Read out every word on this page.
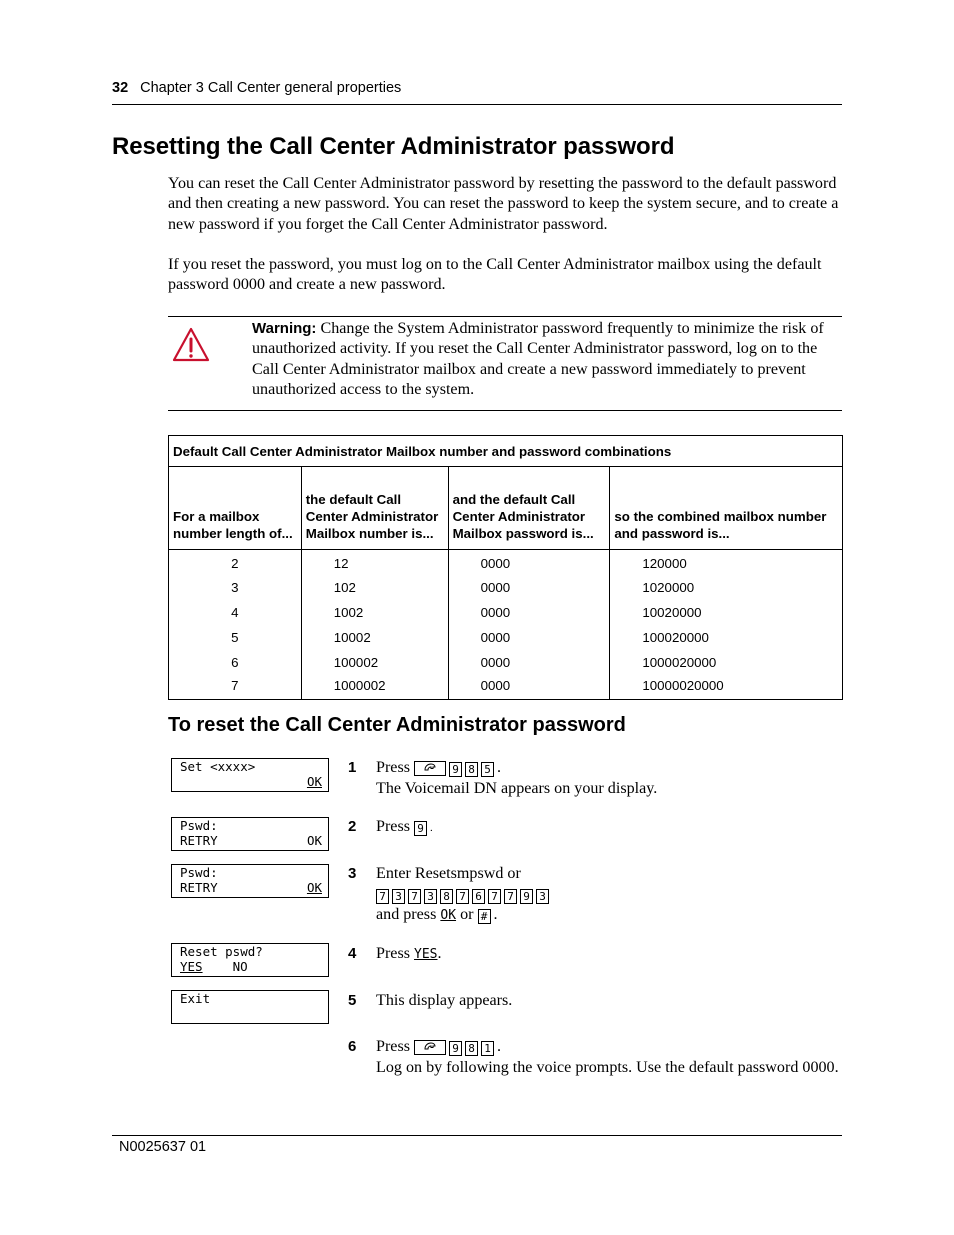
32 Chapter 3 Call Center general properties
Resetting the Call Center Administrator password

You can reset the Call Center Administrator password by resetting the password to the default password and then creating a new password. You can reset the password to keep the system secure, and to create a new password if you forget the Call Center Administrator password.

If you reset the password, you must log on to the Call Center Administrator mailbox using the default password 0000 and create a new password.

Warning: Change the System Administrator password frequently to minimize the risk of unauthorized activity. If you reset the Call Center Administrator password, log on to the Call Center Administrator mailbox and create a new password immediately to prevent unauthorized access to the system.
Default Call Center Administrator Mailbox number and password combinations			
For a mailbox number length of...	the default Call Center Administrator Mailbox number is...	and the default Call Center Administrator Mailbox password is...	so the combined mailbox number and password is...
2	12	0000	120000
3	102	0000	1020000
4	1002	0000	10020000
5	10002	0000	100020000
6	100002	0000	1000020000
7	1000002	0000	10000020000
To reset the Call Center Administrator password
Set <xxxx>
OK
1 Press	9 8 5 .
The Voicemail DN appears on your display.
Pswd:
RETRY	OK
2 Press 9 .
Pswd:
RETRY	OK
3 Enter Resetsmpswd or
7 3 7 3 8 7 6 7 7 9 3
and press OK or # .
Reset pswd?
YES NO
4 Press YES.
Exit	5 This display appears.
6 Press	9 8 1 .
Log on by following the voice prompts. Use the default password 0000.
N0025637 01
